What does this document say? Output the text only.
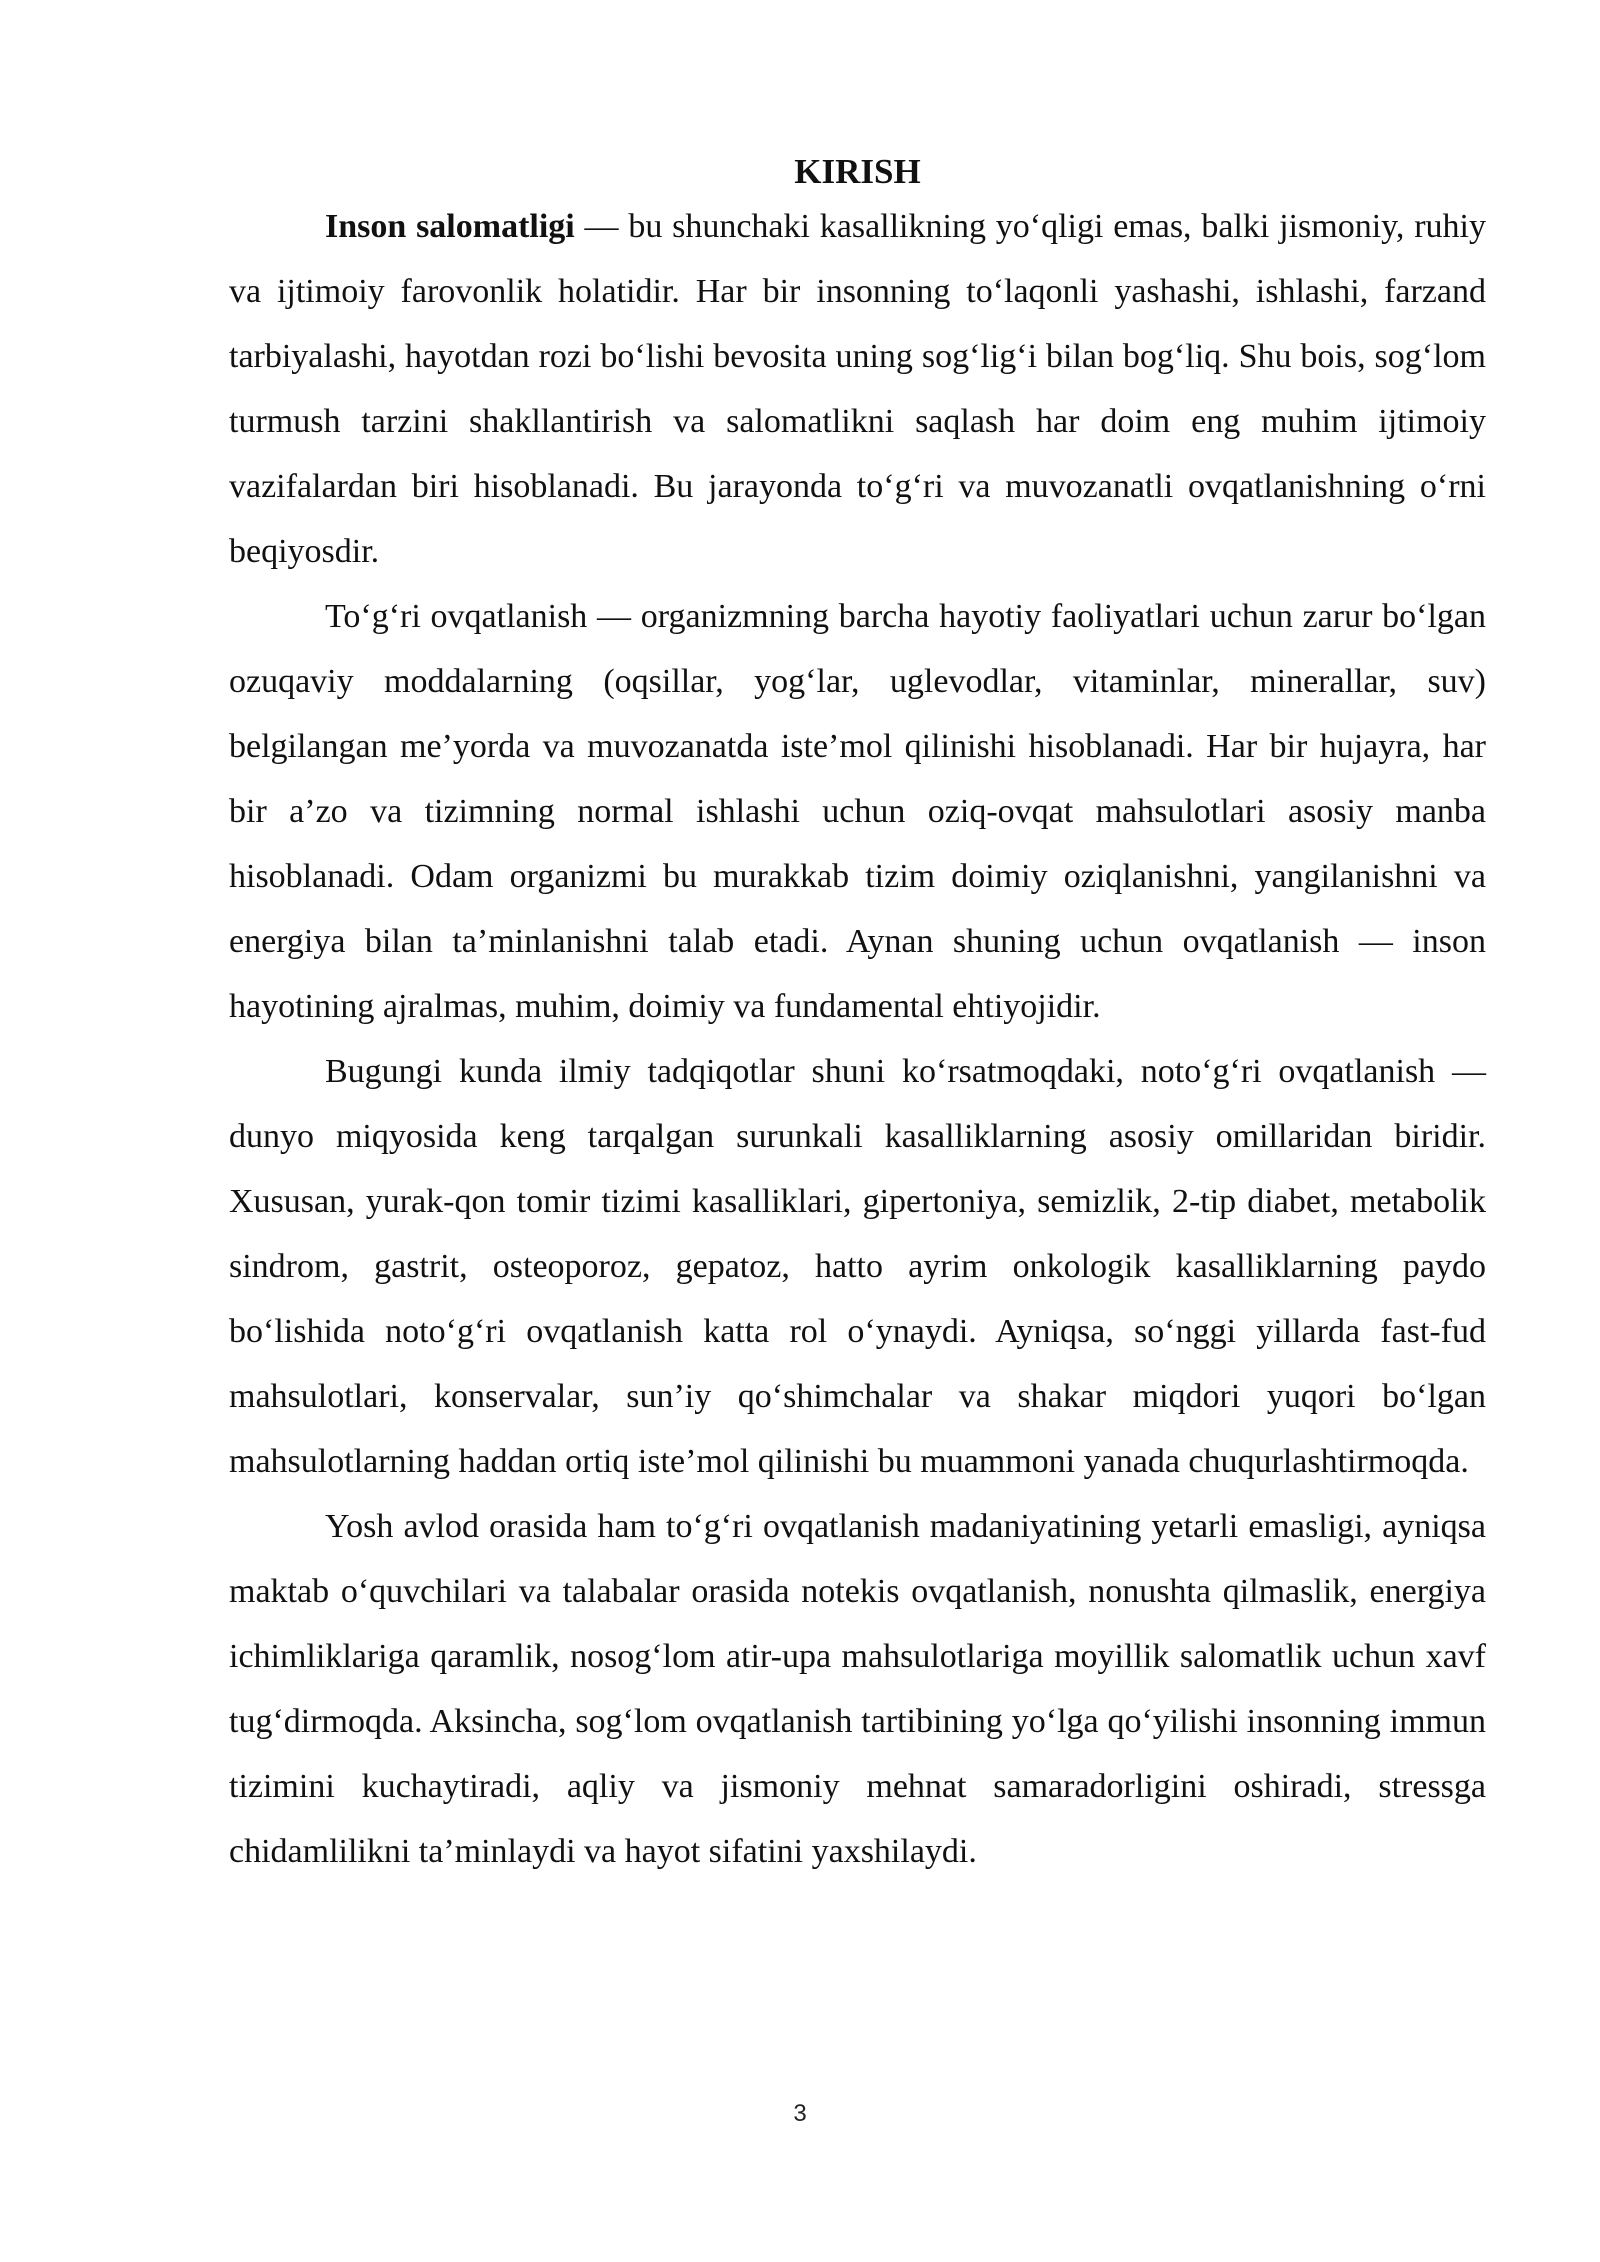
KIRISH

Inson salomatligi — bu shunchaki kasallikning yo‘qligi emas, balki jismoniy, ruhiy va ijtimoiy farovonlik holatidir. Har bir insonning to‘laqonli yashashi, ishlashi, farzand tarbiyalashi, hayotdan rozi bo‘lishi bevosita uning sog‘lig‘i bilan bog‘liq. Shu bois, sog‘lom turmush tarzini shakllantirish va salomatlikni saqlash har doim eng muhim ijtimoiy vazifalardan biri hisoblanadi. Bu jarayonda to‘g‘ri va muvozanatli ovqatlanishning o‘rni beqiyosdir.

To‘g‘ri ovqatlanish — organizmning barcha hayotiy faoliyatlari uchun zarur bo‘lgan ozuqaviy moddalarning (oqsillar, yog‘lar, uglevodlar, vitaminlar, minerallar, suv) belgilangan me’yorda va muvozanatda iste’mol qilinishi hisoblanadi. Har bir hujayra, har bir a’zo va tizimning normal ishlashi uchun oziq-ovqat mahsulotlari asosiy manba hisoblanadi. Odam organizmi bu murakkab tizim doimiy oziqlanishni, yangilanishni va energiya bilan ta’minlanishni talab etadi. Aynan shuning uchun ovqatlanish — inson hayotining ajralmas, muhim, doimiy va fundamental ehtiyojidir.

Bugungi kunda ilmiy tadqiqotlar shuni ko‘rsatmoqdaki, noto‘g‘ri ovqatlanish — dunyo miqyosida keng tarqalgan surunkali kasalliklarning asosiy omillaridan biridir. Xususan, yurak-qon tomir tizimi kasalliklari, gipertoniya, semizlik, 2-tip diabet, metabolik sindrom, gastrit, osteoporoz, gepatoz, hatto ayrim onkologik kasalliklarning paydo bo‘lishida noto‘g‘ri ovqatlanish katta rol o‘ynaydi. Ayniqsa, so‘nggi yillarda fast-fud mahsulotlari, konservalar, sun’iy qo‘shimchalar va shakar miqdori yuqori bo‘lgan mahsulotlarning haddan ortiq iste’mol qilinishi bu muammoni yanada chuqurlashtirmoqda.

Yosh avlod orasida ham to‘g‘ri ovqatlanish madaniyatining yetarli emasligi, ayniqsa maktab o‘quvchilari va talabalar orasida notekis ovqatlanish, nonushta qilmaslik, energiya ichimliklariga qaramlik, nosog‘lom atir-upa mahsulotlariga moyillik salomatlik uchun xavf tug‘dirmoqda. Aksincha, sog‘lom ovqatlanish tartibining yo‘lga qo‘yilishi insonning immun tizimini kuchaytiradi, aqliy va jismoniy mehnat samaradorligini oshiradi, stressga chidamlilikni ta’minlaydi va hayot sifatini yaxshilaydi.

3
